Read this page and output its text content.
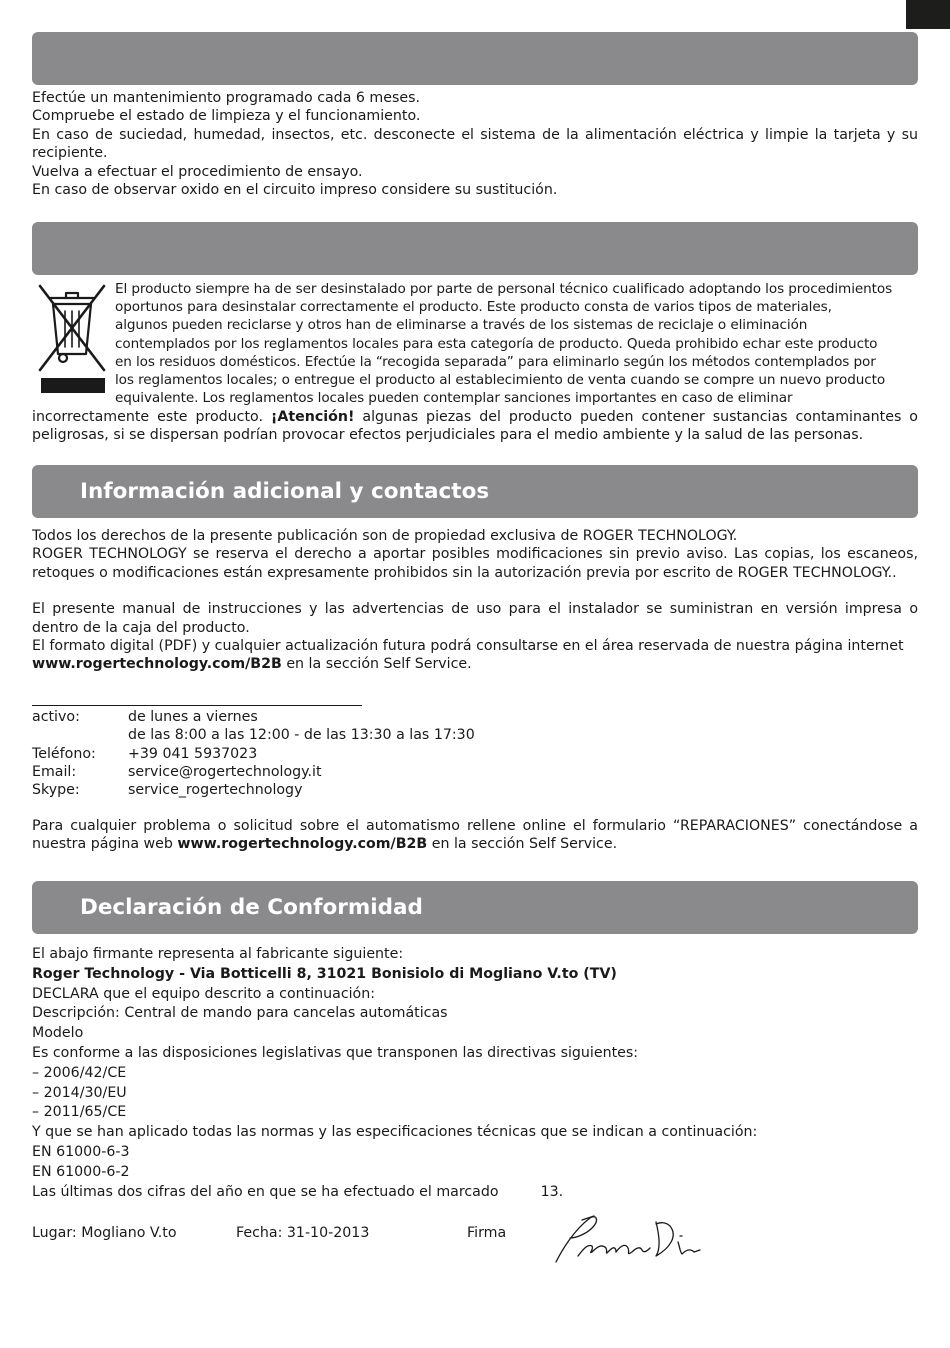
Efectúe un mantenimiento programado cada 6 meses.

Compruebe el estado de limpieza y el funcionamiento.

En caso de suciedad, humedad, insectos, etc. desconecte el sistema de la alimentación eléctrica y limpie la tarjeta y su recipiente.

Vuelva a efectuar el procedimiento de ensayo.

En caso de observar oxido en el circuito impreso considere su sustitución.

El producto siempre ha de ser desinstalado por parte de personal técnico cualificado adoptando los procedimientos
oportunos para desinstalar correctamente el producto. Este producto consta de varios tipos de materiales,
algunos pueden reciclarse y otros han de eliminarse a través de los sistemas de reciclaje o eliminación
contemplados por los reglamentos locales para esta categoría de producto. Queda prohibido echar este producto
en los residuos domésticos. Efectúe la “recogida separada” para eliminarlo según los métodos contemplados por
los reglamentos locales; o entregue el producto al establecimiento de venta cuando se compre un nuevo producto
equivalente. Los reglamentos locales pueden contemplar sanciones importantes en caso de eliminar

incorrectamente este producto. ¡Atención! algunas piezas del producto pueden contener sustancias contaminantes o peligrosas, si se dispersan podrían provocar efectos perjudiciales para el medio ambiente y la salud de las personas.

Información adicional y contactos

Todos los derechos de la presente publicación son de propiedad exclusiva de ROGER TECHNOLOGY.

ROGER TECHNOLOGY se reserva el derecho a aportar posibles modificaciones sin previo aviso. Las copias, los escaneos, retoques o modificaciones están expresamente prohibidos sin la autorización previa por escrito de ROGER TECHNOLOGY..

El presente manual de instrucciones y las advertencias de uso para el instalador se suministran en versión impresa o dentro de la caja del producto.

El formato digital (PDF) y cualquier actualización futura podrá consultarse en el área reservada de nuestra página internet

www.rogertechnology.com/B2B en la sección Self Service.

activo:	de lunes a viernes
de las 8:00 a las 12:00 - de las 13:30 a las 17:30
Teléfono: +39 041 5937023
Email:	service@rogertechnology.it
Skype:	service_rogertechnology

Para cualquier problema o solicitud sobre el automatismo rellene online el formulario “REPARACIONES” conectándose a nuestra página web www.rogertechnology.com/B2B en la sección Self Service.

Declaración de Conformidad

El abajo firmante representa al fabricante siguiente:

Roger Technology - Via Botticelli 8, 31021 Bonisiolo di Mogliano V.to (TV)

DECLARA que el equipo descrito a continuación:

Descripción: Central de mando para cancelas automáticas

Modelo

Es conforme a las disposiciones legislativas que transponen las directivas siguientes:

– 2006/42/CE

– 2014/30/EU

– 2011/65/CE

Y que se han aplicado todas las normas y las especificaciones técnicas que se indican a continuación:

EN 61000-6-3

EN 61000-6-2

Las últimas dos cifras del año en que se ha efectuado el marcado	13.

Lugar: Mogliano V.to	Fecha: 31-10-2013	Firma
